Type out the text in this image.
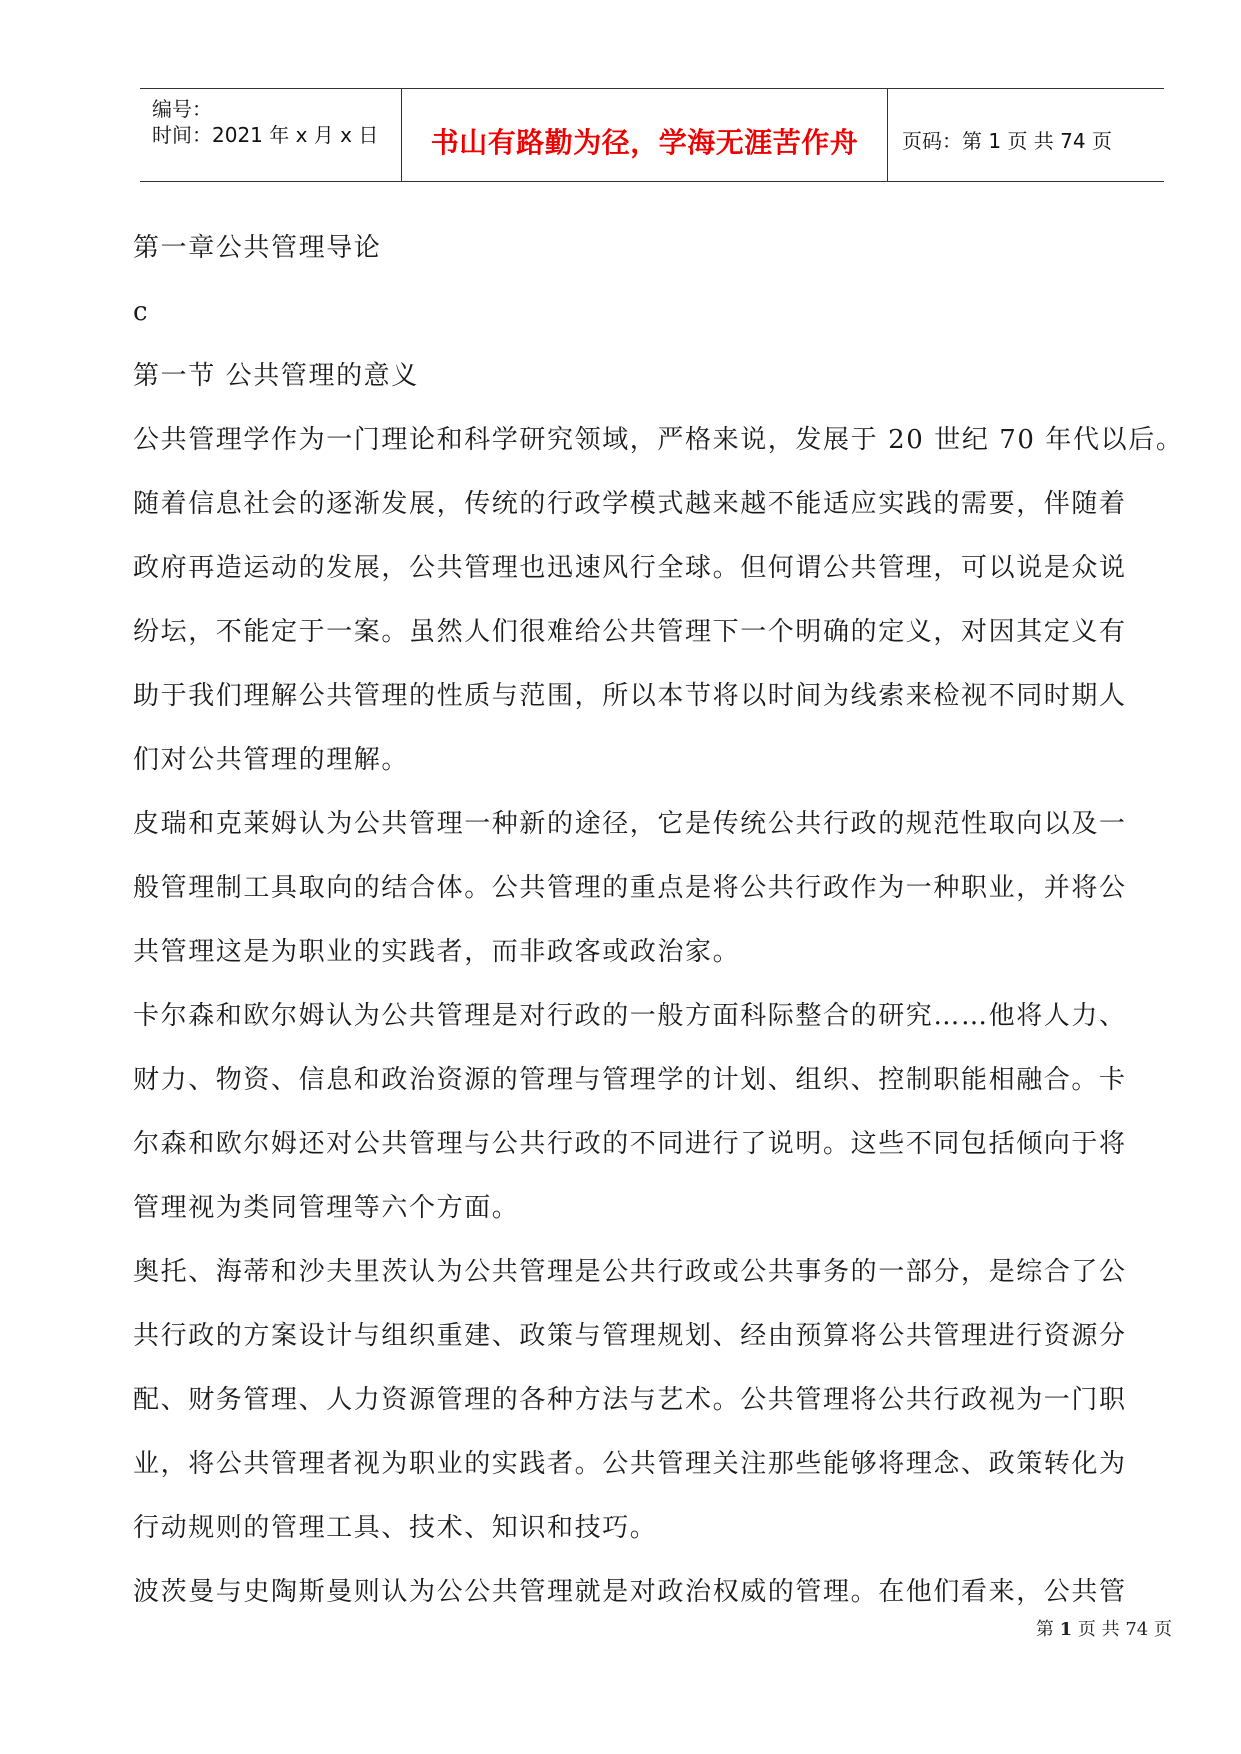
编号：
时间：2021 年 x 月 x 日	书山有路勤为径，学海无涯苦作舟	页码：第 1 页 共 74 页
第一章公共管理导论
c
第一节 公共管理的意义
公共管理学作为一门理论和科学研究领域，严格来说，发展于 20 世纪 70 年代以后。
随着信息社会的逐渐发展，传统的行政学模式越来越不能适应实践的需要，伴随着
政府再造运动的发展，公共管理也迅速风行全球。但何谓公共管理，可以说是众说
纷坛，不能定于一案。虽然人们很难给公共管理下一个明确的定义，对因其定义有
助于我们理解公共管理的性质与范围，所以本节将以时间为线索来检视不同时期人
们对公共管理的理解。
皮瑞和克莱姆认为公共管理一种新的途径，它是传统公共行政的规范性取向以及一
般管理制工具取向的结合体。公共管理的重点是将公共行政作为一种职业，并将公
共管理这是为职业的实践者，而非政客或政治家。
卡尔森和欧尔姆认为公共管理是对行政的一般方面科际整合的研究……他将人力、
财力、物资、信息和政治资源的管理与管理学的计划、组织、控制职能相融合。卡
尔森和欧尔姆还对公共管理与公共行政的不同进行了说明。这些不同包括倾向于将
管理视为类同管理等六个方面。
奥托、海蒂和沙夫里茨认为公共管理是公共行政或公共事务的一部分，是综合了公
共行政的方案设计与组织重建、政策与管理规划、经由预算将公共管理进行资源分
配、财务管理、人力资源管理的各种方法与艺术。公共管理将公共行政视为一门职
业，将公共管理者视为职业的实践者。公共管理关注那些能够将理念、政策转化为
行动规则的管理工具、技术、知识和技巧。
波茨曼与史陶斯曼则认为公公共管理就是对政治权威的管理。在他们看来，公共管
第 1 页 共 74 页
